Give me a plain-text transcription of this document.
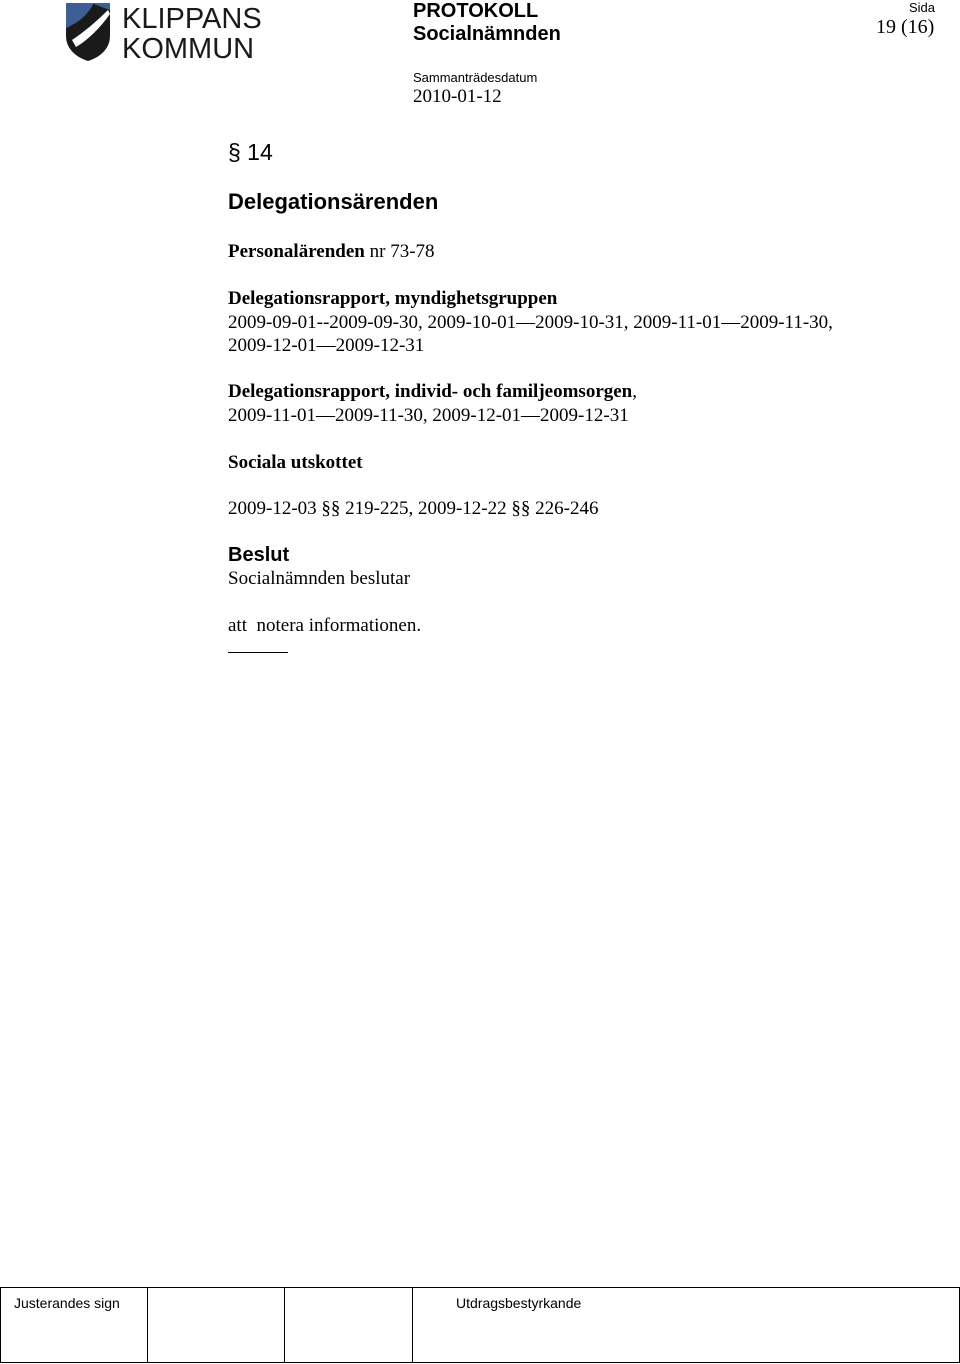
KLIPPANS
KOMMUN
PROTOKOLL
Socialnämnden
Sida
19 (16)
Sammanträdesdatum
2010-01-12
§ 14
Delegationsärenden
Personalärenden nr 73-78
Delegationsrapport, myndighetsgruppen
2009-09-01--2009-09-30, 2009-10-01—2009-10-31, 2009-11-01—2009-11-30,
2009-12-01—2009-12-31
Delegationsrapport, individ- och familjeomsorgen,
2009-11-01—2009-11-30, 2009-12-01—2009-12-31
Sociala utskottet
2009-12-03 §§ 219-225, 2009-12-22 §§ 226-246
Beslut
Socialnämnden beslutar
att  notera informationen.
Justerandes sign	Utdragsbestyrkande
